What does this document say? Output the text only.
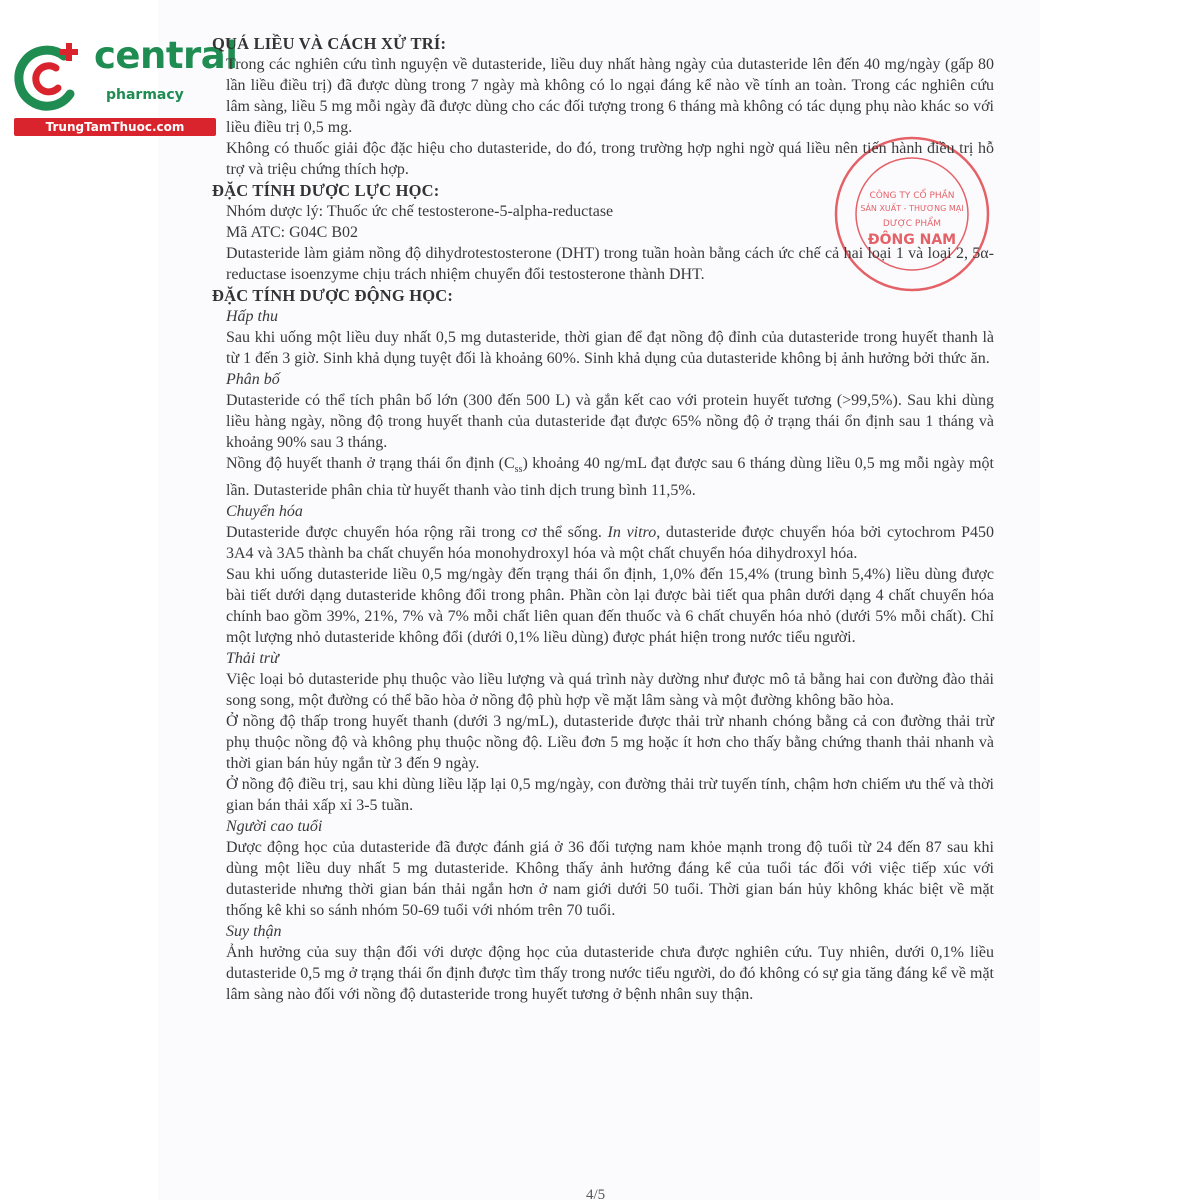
central
pharmacy
TrungTamThuoc.com
CÔNG TY CỔ PHẦN
SẢN XUẤT - THƯƠNG MẠI
DƯỢC PHẨM
ĐÔNG NAM

QUÁ LIỀU VÀ CÁCH XỬ TRÍ:

Trong các nghiên cứu tình nguyện về dutasteride, liều duy nhất hàng ngày của dutasteride lên đến 40 mg/ngày (gấp 80 lần liều điều trị) đã được dùng trong 7 ngày mà không có lo ngại đáng kể nào về tính an toàn. Trong các nghiên cứu lâm sàng, liều 5 mg mỗi ngày đã được dùng cho các đối tượng trong 6 tháng mà không có tác dụng phụ nào khác so với liều điều trị 0,5 mg.

Không có thuốc giải độc đặc hiệu cho dutasteride, do đó, trong trường hợp nghi ngờ quá liều nên tiến hành điều trị hỗ trợ và triệu chứng thích hợp.

ĐẶC TÍNH DƯỢC LỰC HỌC:

Nhóm dược lý: Thuốc ức chế testosterone-5-alpha-reductase

Mã ATC: G04C B02

Dutasteride làm giảm nồng độ dihydrotestosterone (DHT) trong tuần hoàn bằng cách ức chế cả hai loại 1 và loại 2, 5α-reductase isoenzyme chịu trách nhiệm chuyển đổi testosterone thành DHT.

ĐẶC TÍNH DƯỢC ĐỘNG HỌC:

Hấp thu

Sau khi uống một liều duy nhất 0,5 mg dutasteride, thời gian để đạt nồng độ đỉnh của dutasteride trong huyết thanh là từ 1 đến 3 giờ. Sinh khả dụng tuyệt đối là khoảng 60%. Sinh khả dụng của dutasteride không bị ảnh hưởng bởi thức ăn.

Phân bố

Dutasteride có thể tích phân bố lớn (300 đến 500 L) và gắn kết cao với protein huyết tương (>99,5%). Sau khi dùng liều hàng ngày, nồng độ trong huyết thanh của dutasteride đạt được 65% nồng độ ở trạng thái ổn định sau 1 tháng và khoảng 90% sau 3 tháng.

Nồng độ huyết thanh ở trạng thái ổn định $(C_{ss})$ khoảng 40 ng/mL đạt được sau 6 tháng dùng liều 0,5 mg mỗi ngày một lần. Dutasteride phân chia từ huyết thanh vào tinh dịch trung bình 11,5%.

Chuyển hóa

Dutasteride được chuyển hóa rộng rãi trong cơ thể sống. In vitro, dutasteride được chuyển hóa bởi cytochrom P450 3A4 và 3A5 thành ba chất chuyển hóa monohydroxyl hóa và một chất chuyển hóa dihydroxyl hóa.

Sau khi uống dutasteride liều 0,5 mg/ngày đến trạng thái ổn định, 1,0% đến 15,4% (trung bình 5,4%) liều dùng được bài tiết dưới dạng dutasteride không đổi trong phân. Phần còn lại được bài tiết qua phân dưới dạng 4 chất chuyển hóa chính bao gồm 39%, 21%, 7% và 7% mỗi chất liên quan đến thuốc và 6 chất chuyển hóa nhỏ (dưới 5% mỗi chất). Chỉ một lượng nhỏ dutasteride không đổi (dưới 0,1% liều dùng) được phát hiện trong nước tiểu người.

Thải trừ

Việc loại bỏ dutasteride phụ thuộc vào liều lượng và quá trình này dường như được mô tả bằng hai con đường đào thải song song, một đường có thể bão hòa ở nồng độ phù hợp về mặt lâm sàng và một đường không bão hòa.

Ở nồng độ thấp trong huyết thanh (dưới 3 ng/mL), dutasteride được thải trừ nhanh chóng bằng cả con đường thải trừ phụ thuộc nồng độ và không phụ thuộc nồng độ. Liều đơn 5 mg hoặc ít hơn cho thấy bằng chứng thanh thải nhanh và thời gian bán hủy ngắn từ 3 đến 9 ngày.

Ở nồng độ điều trị, sau khi dùng liều lặp lại 0,5 mg/ngày, con đường thải trừ tuyến tính, chậm hơn chiếm ưu thế và thời gian bán thải xấp xỉ 3-5 tuần.

Người cao tuổi

Dược động học của dutasteride đã được đánh giá ở 36 đối tượng nam khỏe mạnh trong độ tuổi từ 24 đến 87 sau khi dùng một liều duy nhất 5 mg dutasteride. Không thấy ảnh hưởng đáng kể của tuổi tác đối với việc tiếp xúc với dutasteride nhưng thời gian bán thải ngắn hơn ở nam giới dưới 50 tuổi. Thời gian bán hủy không khác biệt về mặt thống kê khi so sánh nhóm 50-69 tuổi với nhóm trên 70 tuổi.

Suy thận

Ảnh hưởng của suy thận đối với dược động học của dutasteride chưa được nghiên cứu. Tuy nhiên, dưới 0,1% liều dutasteride 0,5 mg ở trạng thái ổn định được tìm thấy trong nước tiểu người, do đó không có sự gia tăng đáng kể về mặt lâm sàng nào đối với nồng độ dutasteride trong huyết tương ở bệnh nhân suy thận.

4/5
